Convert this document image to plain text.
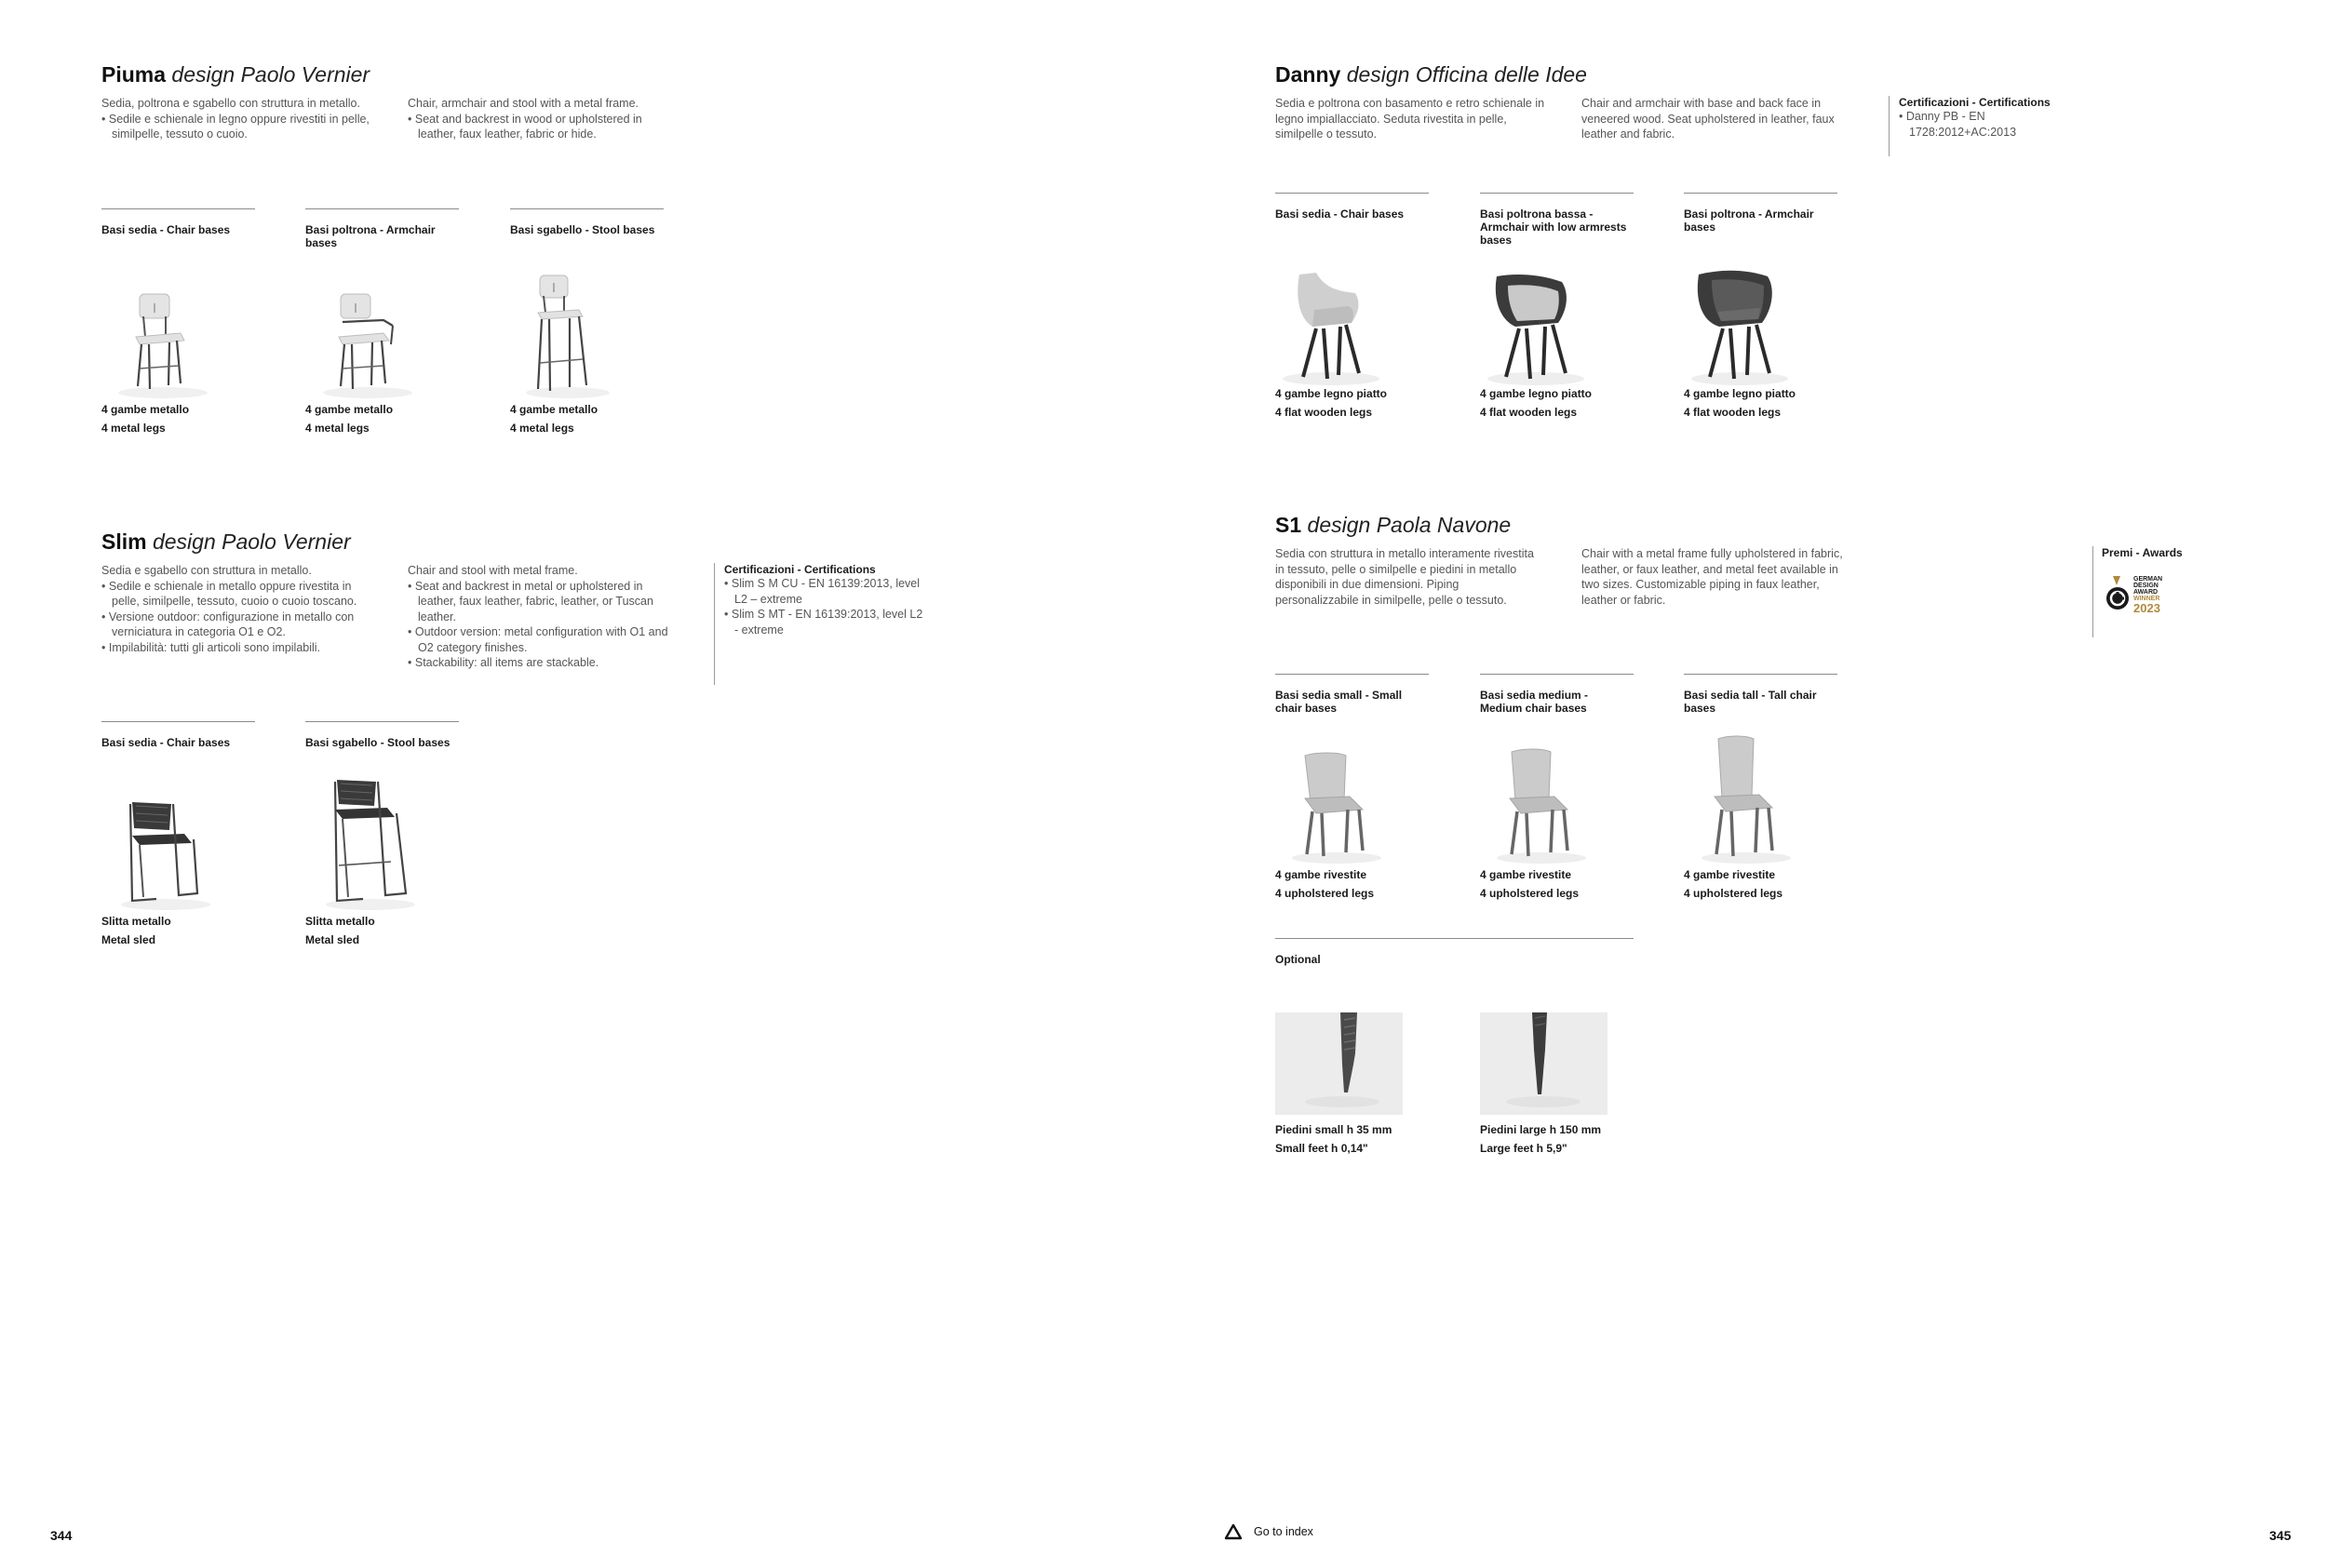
Piuma design Paolo Vernier
Sedia, poltrona e sgabello con struttura in metallo.
• Sedile e schienale in legno oppure rivestiti in pelle, similpelle, tessuto o cuoio.
Chair, armchair and stool with a metal frame.
• Seat and backrest in wood or upholstered in leather, faux leather, fabric or hide.
Basi sedia - Chair bases	Basi poltrona - Armchair bases
Basi sgabello - Stool bases
4 gambe metallo
4 metal legs
4 gambe metallo
4 metal legs
4 gambe metallo
4 metal legs
Slim design Paolo Vernier
Sedia e sgabello con struttura in metallo.
• Sedile e schienale in metallo oppure rivestita in pelle, similpelle, tessuto, cuoio o cuoio toscano.
• Versione outdoor: configurazione in metallo con verniciatura in categoria O1 e O2.
• Impilabilità: tutti gli articoli sono impilabili.
Chair and stool with metal frame.
• Seat and backrest in metal or upholstered in leather, faux leather, fabric, leather, or Tuscan leather.
• Outdoor version: metal configuration with O1 and O2 category finishes.
• Stackability: all items are stackable.
Certificazioni - Certifications
• Slim S M CU - EN 16139:2013, level L2 – extreme
• Slim S MT - EN 16139:2013, level L2 - extreme
Basi sedia - Chair bases	Basi sgabello - Stool bases
Slitta metallo
Metal sled
Slitta metallo
Metal sled
Danny design Officina delle Idee
Sedia e poltrona con basamento e retro schienale in legno impiallacciato. Seduta rivestita in pelle, similpelle o tessuto.
Chair and armchair with base and back face in veneered wood. Seat upholstered in leather, faux leather and fabric.
Certificazioni - Certifications
• Danny PB - EN 1728:2012+AC:2013
Basi sedia - Chair bases	Basi poltrona bassa - Armchair with low armrests bases
Basi poltrona - Armchair bases
4 gambe legno piatto
4 flat wooden legs
4 gambe legno piatto
4 flat wooden legs
4 gambe legno piatto
4 flat wooden legs
S1 design Paola Navone
Sedia con struttura in metallo interamente rivestita in tessuto, pelle o similpelle e piedini in metallo disponibili in due dimensioni. Piping personalizzabile in similpelle, pelle o tessuto.
Chair with a metal frame fully upholstered in fabric, leather, or faux leather, and metal feet available in two sizes. Customizable piping in faux leather, leather or fabric.
Premi - Awards
GERMAN
DESIGN
AWARD
WINNER
2023
Basi sedia small - Small chair bases
Basi sedia medium - Medium chair bases
Basi sedia tall - Tall chair bases
4 gambe rivestite
4 upholstered legs
4 gambe rivestite
4 upholstered legs
4 gambe rivestite
4 upholstered legs
Optional
Piedini small h 35 mm
Small feet h 0,14"
Piedini large h 150 mm
Large feet h 5,9"
344	Go to index	345
